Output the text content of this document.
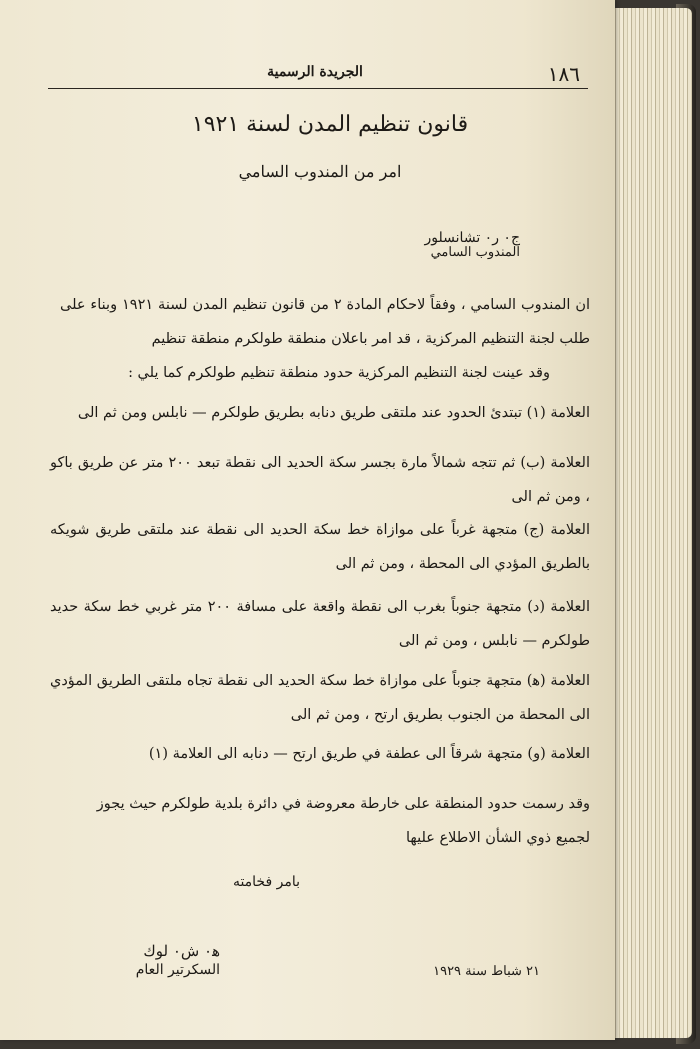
١٨٦
الجريدة الرسمية
قانون تنظيم المدن لسنة ١٩٢١
امر من المندوب السامي
ج٠ ر٠ تشانسلور
المندوب السامي
ان المندوب السامي ، وفقاً لاحكام المادة ٢ من قانون تنظيم المدن لسنة ١٩٢١ وبناء على طلب لجنة التنظيم المركزية ، قد امر باعلان منطقة طولكرم منطقة تنظيم
وقد عينت لجنة التنظيم المركزية حدود منطقة تنظيم طولكرم كما يلي :
العلامة (١) تبتدئ الحدود عند ملتقى طريق دنابه بطريق طولكرم — نابلس ومن ثم الى
العلامة (ب) ثم تتجه شمالاً مارة بجسر سكة الحديد الى نقطة تبعد ٢٠٠ متر عن طريق باكو ، ومن ثم الى
العلامة (ج) متجهة غرباً على موازاة خط سكة الحديد الى نقطة عند ملتقى طريق شويكه بالطريق المؤدي الى المحطة ، ومن ثم الى
العلامة (د) متجهة جنوباً بغرب الى نقطة واقعة على مسافة ٢٠٠ متر غربي خط سكة حديد طولكرم — نابلس ، ومن ثم الى
العلامة (ﻫ) متجهة جنوباً على موازاة خط سكة الحديد الى نقطة تجاه ملتقى الطريق المؤدي الى المحطة من الجنوب بطريق ارتح ، ومن ثم الى
العلامة (و) متجهة شرقاً الى عطفة في طريق ارتح — دنابه الى العلامة (١)
وقد رسمت حدود المنطقة على خارطة معروضة في دائرة بلدية طولكرم حيث يجوز لجميع ذوي الشأن الاطلاع عليها
بامر فخامته
ﻫ٠ ش٠ لوك
السكرتير العام	٢١ شباط سنة ١٩٢٩
